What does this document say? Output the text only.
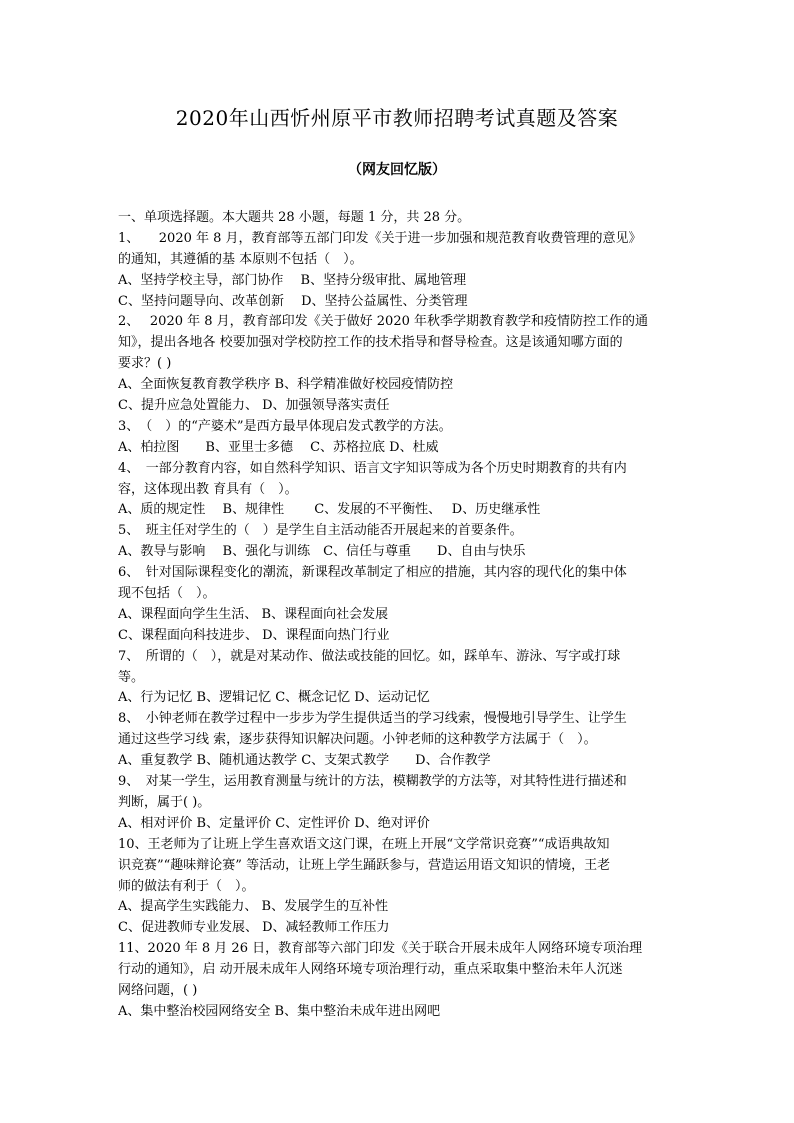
2020年山西忻州原平市教师招聘考试真题及答案
（网友回忆版）
一、单项选择题。本大题共 28 小题，每题 1 分，共 28 分。
1、　　2020 年 8 月，教育部等五部门印发《关于进一步加强和规范教育收费管理的意见》
的通知，其遵循的基 本原则不包括（　）。
A、坚持学校主导，部门协作　 B、坚持分级审批、属地管理
C、坚持问题导向、改革创新　 D、坚持公益属性、分类管理
2、　 2020 年 8 月，教育部印发《关于做好 2020 年秋季学期教育教学和疫情防控工作的通
知》，提出各地各 校要加强对学校防控工作的技术指导和督导检查。这是该通知哪方面的
要求？( )
A、全面恢复教育教学秩序 B、科学精准做好校园疫情防控
C、提升应急处置能力、 D、加强领导落实责任
3、　（　）的“产婆术”是西方最早体现启发式教学的方法。
A、柏拉图　　B、亚里士多德　 C、苏格拉底 D、杜威
4、　一部分教育内容，如自然科学知识、语言文字知识等成为各个历史时期教育的共有内
容，这体现出教 育具有（　）。
A、质的规定性　 B、规律性　　 C、发展的不平衡性、　 D、历史继承性
5、　班主任对学生的（　）是学生自主活动能否开展起来的首要条件。
A、教导与影响　 B、强化与训练　C、信任与尊重　　D、自由与快乐
6、　针对国际课程变化的潮流，新课程改革制定了相应的措施，其内容的现代化的集中体
现不包括（　）。
A、课程面向学生生活、 B、课程面向社会发展
C、课程面向科技进步、 D、课程面向热门行业
7、　所谓的（　），就是对某动作、做法或技能的回忆。如，踩单车、游泳、写字或打球
等。
A、行为记忆 B、逻辑记忆 C、概念记忆 D、运动记忆
8、　小钟老师在教学过程中一步步为学生提供适当的学习线索，慢慢地引导学生、让学生
通过这些学习线 索，逐步获得知识解决问题。小钟老师的这种教学方法属于（　）。
A、重复教学 B、随机通达教学 C、支架式教学　　D、合作教学
9、　对某一学生，运用教育测量与统计的方法，模糊教学的方法等，对其特性进行描述和
判断，属于( )。
A、相对评价 B、定量评价 C、定性评价 D、绝对评价
10、王老师为了让班上学生喜欢语文这门课，在班上开展“文学常识竞赛”“成语典故知
识竞赛”“趣味辩论赛” 等活动，让班上学生踊跃参与，营造运用语文知识的情境，王老
师的做法有利于（　）。
A、提高学生实践能力、 B、发展学生的互补性
C、促进教师专业发展、 D、减轻教师工作压力
11、2020 年 8 月 26 日，教育部等六部门印发《关于联合开展未成年人网络环境专项治理
行动的通知》，启 动开展未成年人网络环境专项治理行动，重点采取集中整治未年人沉迷
网络问题，( )
A、集中整治校园网络安全 B、集中整治未成年进出网吧
